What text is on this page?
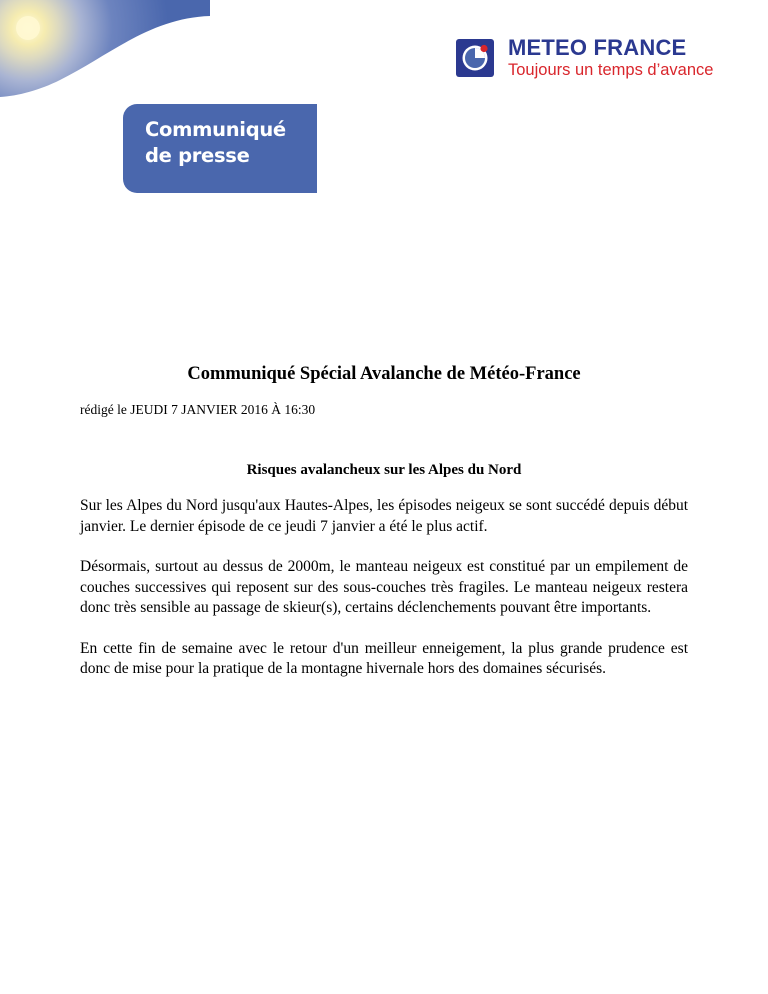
METEO FRANCE
Toujours un temps d’avance
Communiqué
de presse
Communiqué Spécial Avalanche de Météo-France
rédigé le JEUDI 7 JANVIER 2016 À 16:30
Risques avalancheux sur les Alpes du Nord

Sur les Alpes du Nord jusqu'aux Hautes-Alpes, les épisodes neigeux se sont succédé depuis début janvier. Le dernier épisode de ce jeudi 7 janvier a été le plus actif.

Désormais, surtout au dessus de 2000m, le manteau neigeux est constitué par un empilement de couches successives qui reposent sur des sous-couches très fragiles. Le manteau neigeux restera donc très sensible au passage de skieur(s), certains déclenchements pouvant être importants.

En cette fin de semaine avec le retour d'un meilleur enneigement, la plus grande prudence est donc de mise pour la pratique de la montagne hivernale hors des domaines sécurisés.
